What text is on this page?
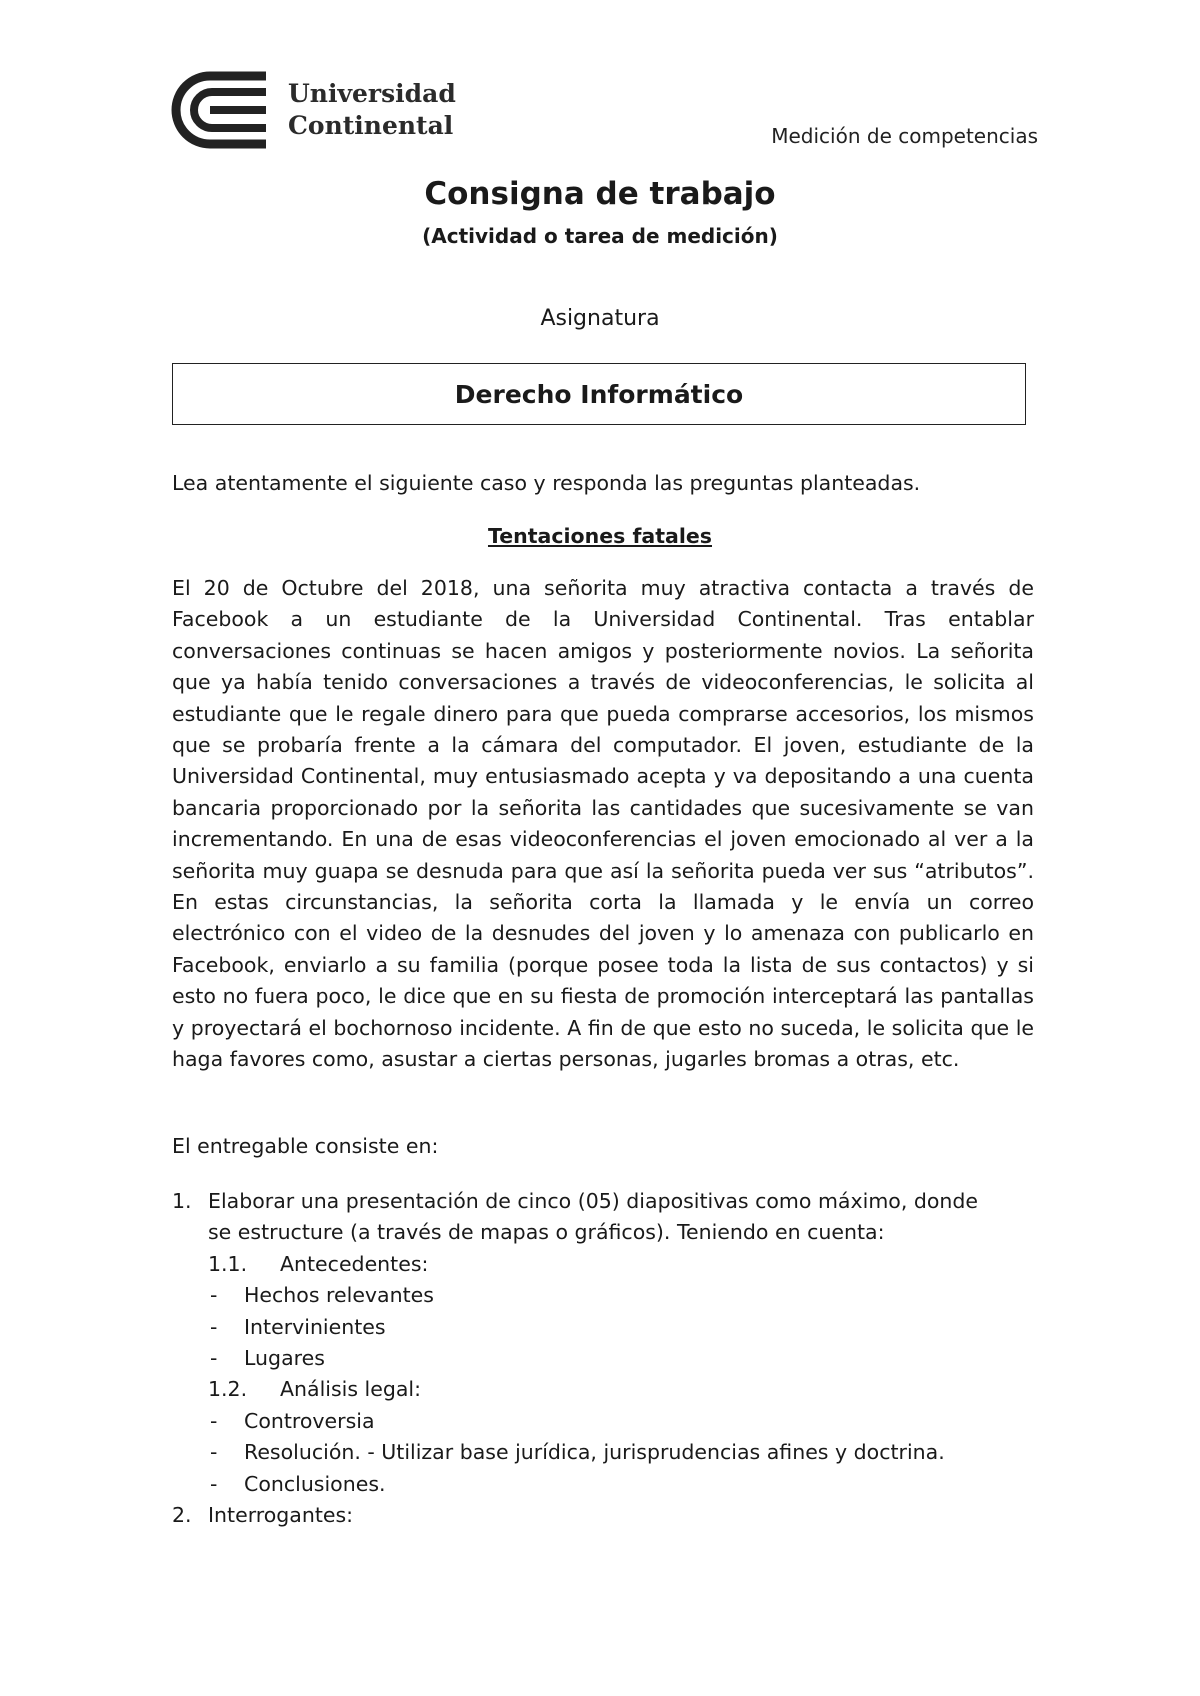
Universidad
Continental	Medición de competencias
Consigna de trabajo
(Actividad o tarea de medición)
Asignatura
Derecho Informático
Lea atentamente el siguiente caso y responda las preguntas planteadas.
Tentaciones fatales

El 20 de Octubre del 2018, una señorita muy atractiva contacta a través de Facebook a un estudiante de la Universidad Continental. Tras entablar conversaciones continuas se hacen amigos y posteriormente novios. La señorita que ya había tenido conversaciones a través de videoconferencias, le solicita al estudiante que le regale dinero para que pueda comprarse accesorios, los mismos que se probaría frente a la cámara del computador. El joven, estudiante de la Universidad Continental, muy entusiasmado acepta y va depositando a una cuenta bancaria proporcionado por la señorita las cantidades que sucesivamente se van incrementando. En una de esas videoconferencias el joven emocionado al ver a la señorita muy guapa se desnuda para que así la señorita pueda ver sus “atributos”. En estas circunstancias, la señorita corta la llamada y le envía un correo electrónico con el video de la desnudes del joven y lo amenaza con publicarlo en Facebook, enviarlo a su familia (porque posee toda la lista de sus contactos) y si esto no fuera poco, le dice que en su fiesta de promoción interceptará las pantallas y proyectará el bochornoso incidente. A fin de que esto no suceda, le solicita que le haga favores como, asustar a ciertas personas, jugarles bromas a otras, etc.

El entregable consiste en:
1. Elaborar una presentación de cinco (05) diapositivas como máximo, donde
se estructure (a través de mapas o gráficos). Teniendo en cuenta:
1.1. Antecedentes:
- Hechos relevantes
- Intervinientes
- Lugares
1.2. Análisis legal:
- Controversia
- Resolución. - Utilizar base jurídica, jurisprudencias afines y doctrina.
- Conclusiones.
2. Interrogantes:
